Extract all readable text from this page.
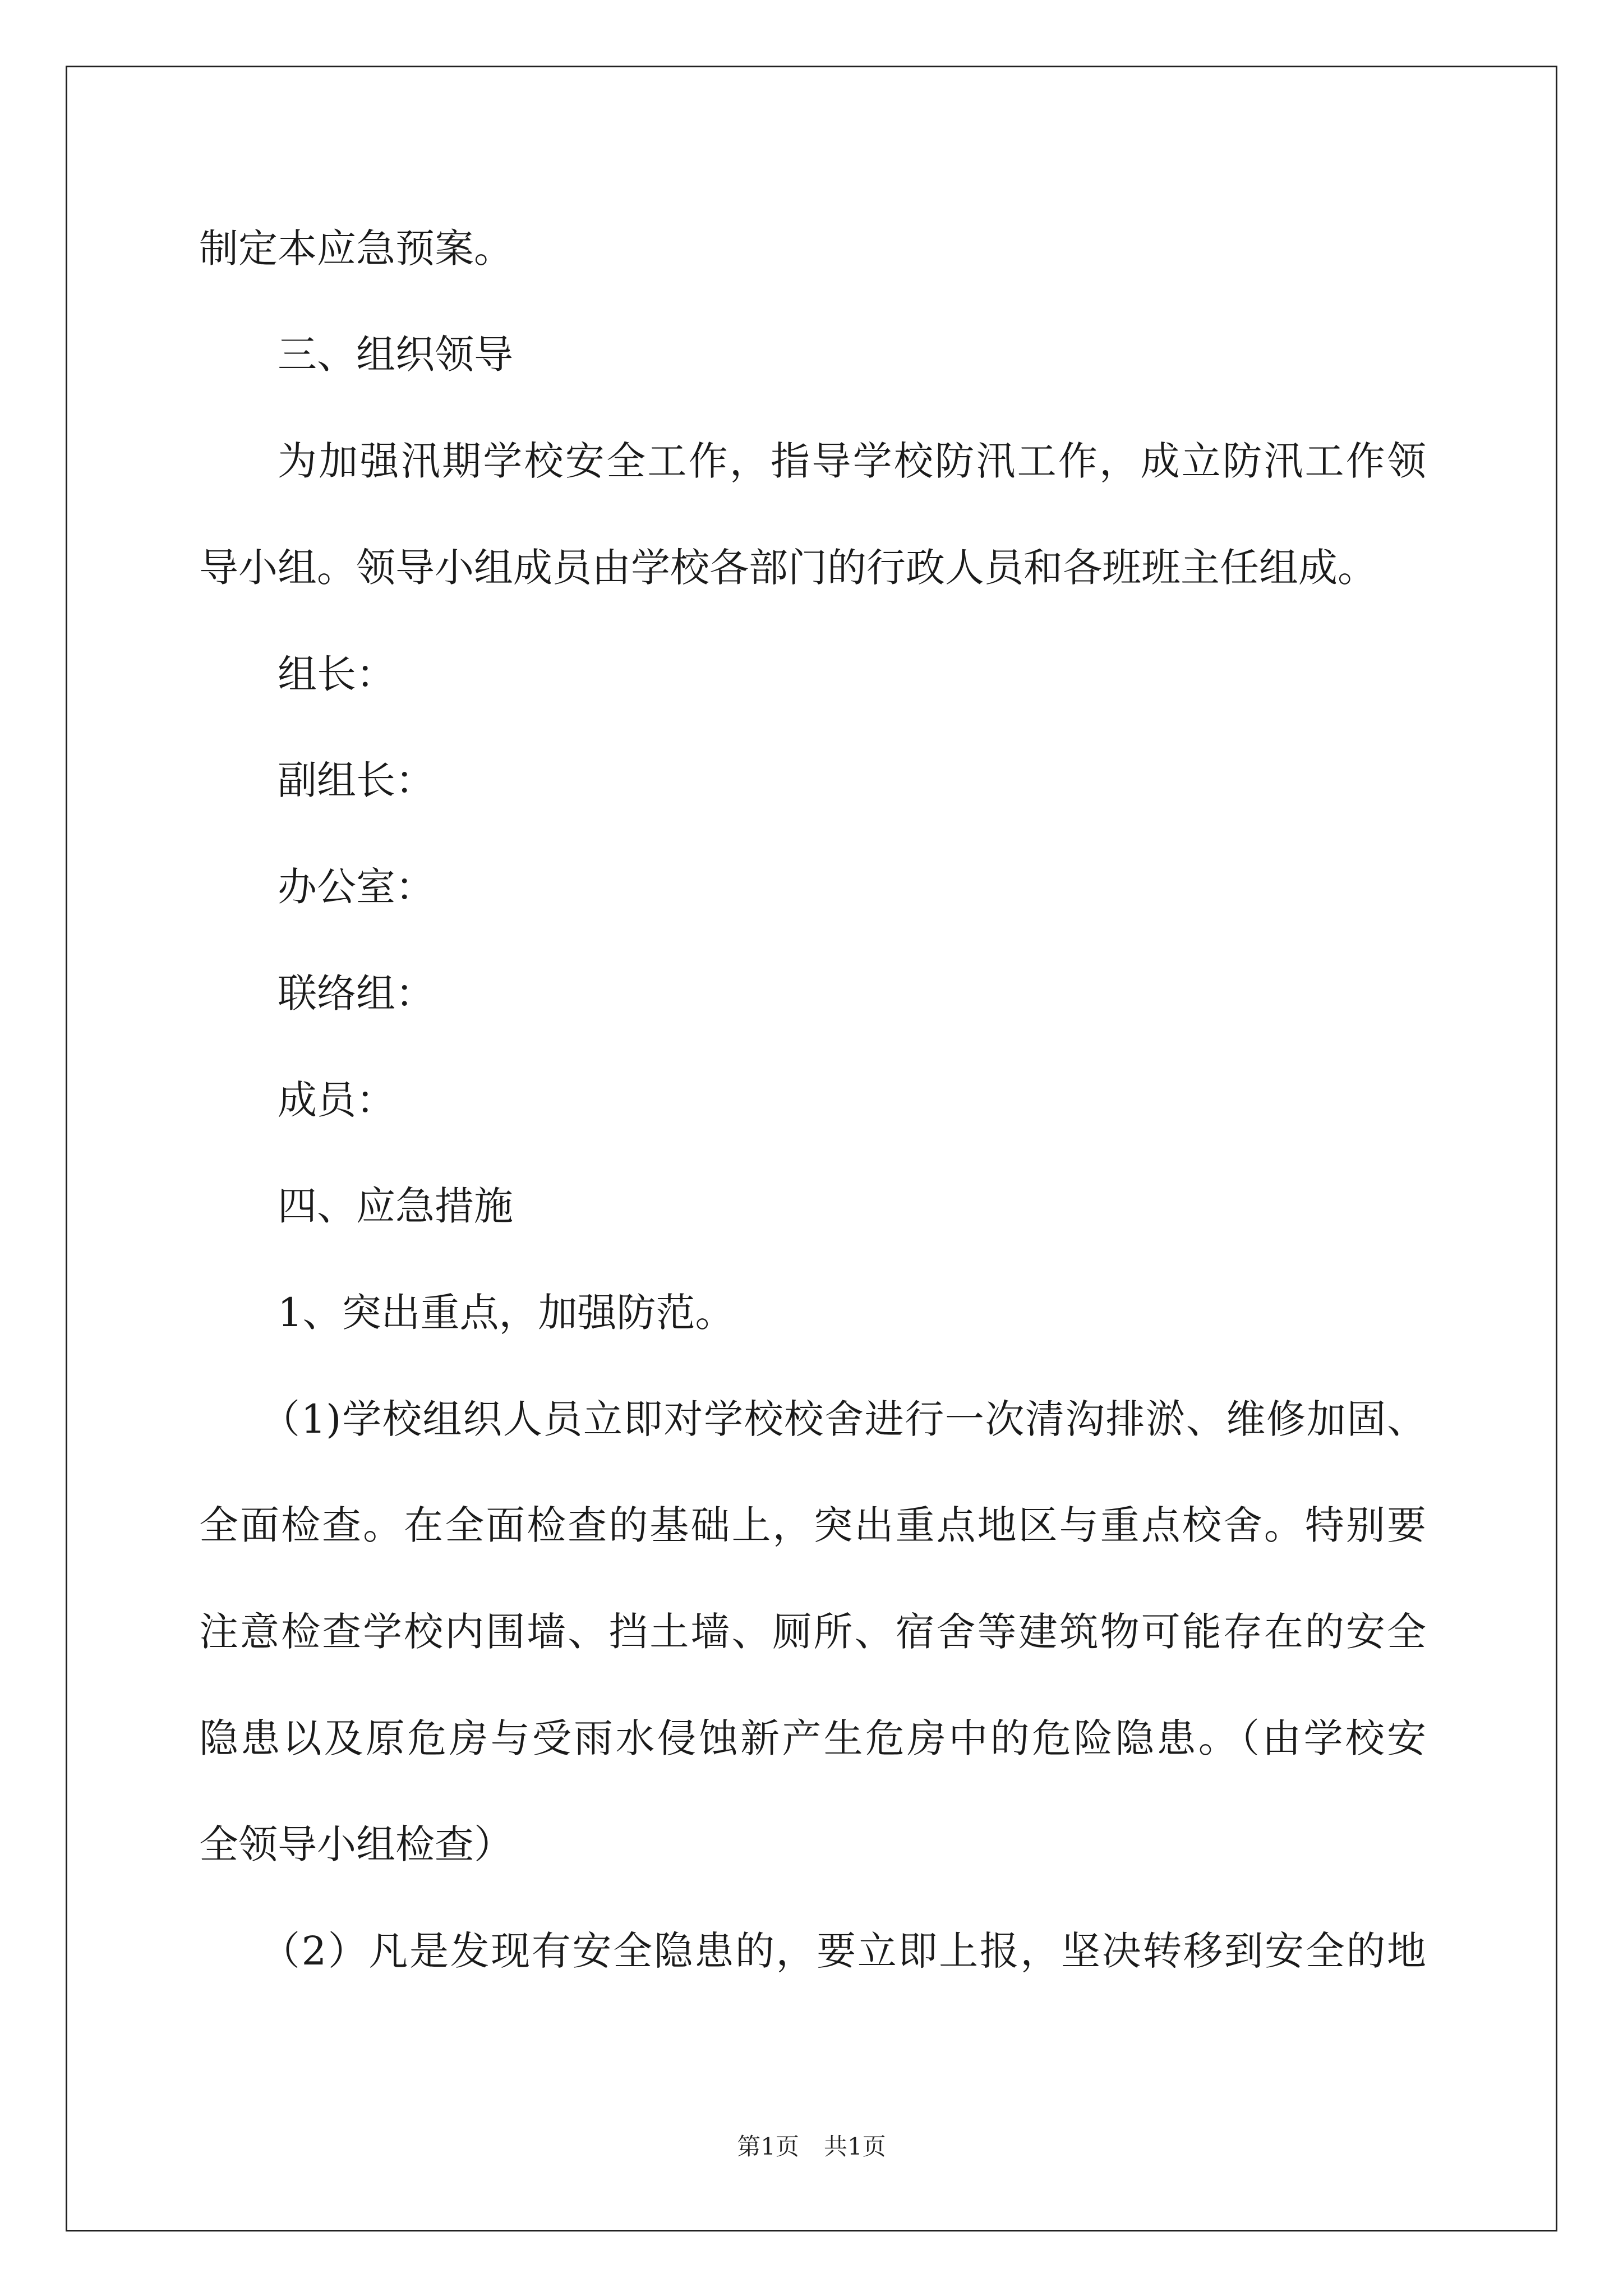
制定本应急预案。
三、组织领导
为加强汛期学校安全工作，指导学校防汛工作，成立防汛工作领
导小组。领导小组成员由学校各部门的行政人员和各班班主任组成。
组长：
副组长：
办公室：
联络组：
成员：
四、应急措施
1、突出重点，加强防范。
（1)学校组织人员立即对学校校舍进行一次清沟排淤、维修加固、
全面检查。在全面检查的基础上，突出重点地区与重点校舍。特别要
注意检查学校内围墙、挡土墙、厕所、宿舍等建筑物可能存在的安全
隐患以及原危房与受雨水侵蚀新产生危房中的危险隐患。（由学校安
全领导小组检查）
（2）凡是发现有安全隐患的，要立即上报，坚决转移到安全的地
第1页 共1页
